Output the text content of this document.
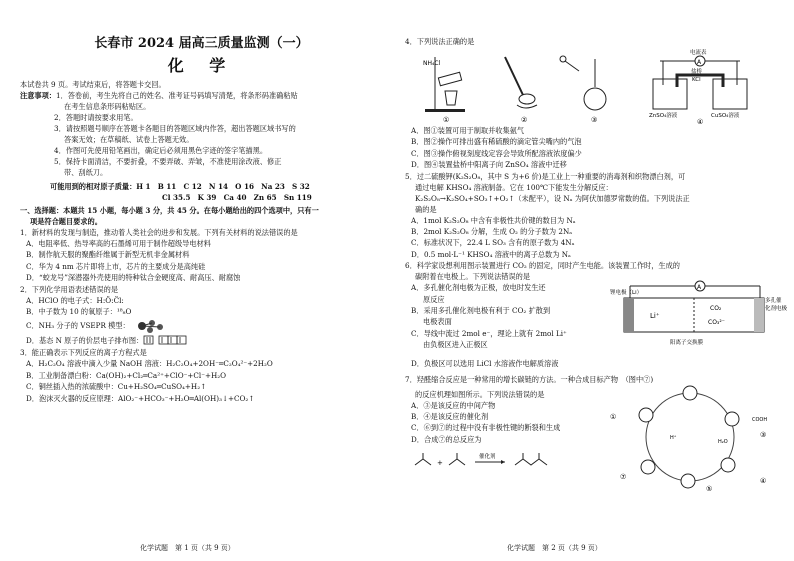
长春市 2024 届高三质量监测（一）
化 学
本试卷共 9 页。考试结束后，将答题卡交回。
注意事项：1．答卷前，考生先将自己的姓名、准考证号码填写清楚，将条形码准确粘贴
在考生信息条形码粘贴区。
2．答题时请按要求用笔。
3．请按照题号顺序在答题卡各题目的答题区域内作答，超出答题区域书写的
答案无效；在草稿纸、试卷上答题无效。
4．作图可先使用铅笔画出，确定后必须用黑色字迹的签字笔描黑。
5．保持卡面清洁，不要折叠，不要弄破、弄皱，不准使用涂改液、修正
带、刮纸刀。
可能用到的相对原子质量：H 1　B 11　C 12　N 14　O 16　Na 23　S 32
Cl 35.5　K 39　Ca 40　Zn 65　Sn 119
一、选择题：本题共 15 小题，每小题 3 分，共 45 分。在每小题给出的四个选项中，只有一
项是符合题目要求的。
1．新材料的发现与制造，推动着人类社会的进步和发展。下列有关材料的说法错误的是
A．电阻率低、热导率高的石墨烯可用于制作超级导电材料
B．制作航天服的聚酯纤维属于新型无机非金属材料
C．华为 4 nm 芯片即将上市，芯片的主要成分是高纯硅
D．“蛟龙号”深潜器外壳使用的特种钛合金硬度高、耐高压、耐腐蚀
2．下列化学用语表述错误的是
A．HClO 的电子式：H:Ö:C̈l:
B．中子数为 10 的氧原子：¹⁸₈O
C．NH₃ 分子的 VSEPR 模型：
D．基态 N 原子的价层电子排布图：
3．能正确表示下列反应的离子方程式是
A．H₂C₂O₄ 溶液中滴入少量 NaOH 溶液：H₂C₂O₄+2OH⁻═C₂O₄²⁻+2H₂O
B．工业制备漂白粉：Ca(OH)₂+Cl₂═Ca²⁺+ClO⁻+Cl⁻+H₂O
C．铜丝插入热的浓硫酸中：Cu+H₂SO₄═CuSO₄+H₂↑
D．泡沫灭火器的反应原理：AlO₂⁻+HCO₃⁻+H₂O═Al(OH)₃↓+CO₂↑
化学试题　第 1 页（共 9 页）
4．下列说法正确的是
NH₄Cl
①	②	③
A
电流表
盐桥
KCl
ZnSO₄溶液	CuSO₄溶液
④
A．图①装置可用于制取并收集氨气
B．图②操作可排出盛有稀硫酸的滴定管尖嘴内的气泡
C．图③操作俯视刻度线定容会导致所配溶液浓度偏少
D．图④装置盐桥中阳离子向 ZnSO₄ 溶液中迁移
5．过二硫酸钾(K₂S₂O₈，其中 S 为+6 价)是工业上一种重要的消毒剂和织物漂白剂，可
通过电解 KHSO₄ 溶液制备。它在 100℃下能发生分解反应：
K₂S₂O₈→K₂SO₄+SO₃↑+O₂↑（未配平），设 Nₐ 为阿伏加德罗常数的值。下列说法正
确的是
A．1mol K₂S₂O₈ 中含有非极性共价键的数目为 Nₐ
B．2mol K₂S₂O₈ 分解，生成 O₂ 的分子数为 2Nₐ
C．标准状况下，22.4 L SO₃ 含有的原子数为 4Nₐ
D．0.5 mol·L⁻¹ KHSO₄ 溶液中的离子总数为 Nₐ
6．科学家设想利用图示装置进行 CO₂ 的固定，同时产生电能。该装置工作时，生成的
碳附着在电极上。下列说法错误的是
A．多孔催化剂电极为正极，放电时发生还
原反应
B．采用多孔催化剂电极有利于 CO₂ 扩散到
电极表面
C．导线中流过 2mol e⁻，理论上就有 2mol Li⁺
由负极区进入正极区
A
锂电极（Li）
多孔催
化剂电极
Li⁺
CO₂
CO₃²⁻
阳离子交换膜
D．负极区可以选用 LiCl 水溶液作电解质溶液
7．羟醛缩合反应是一种常用的增长碳链的方法。一种合成目标产物　（图中⑦)
的反应机理如图所示。下列说法错误的是
A．③是该反应的中间产物
B．④是该反应的催化剂
C．⑥到⑦的过程中没有非极性键的断裂和生成
D．合成⑦的总反应为
+
催化剂
COOH
H₂O
H⁺
①
③
④
⑤
⑦
化学试题　第 2 页（共 9 页）
